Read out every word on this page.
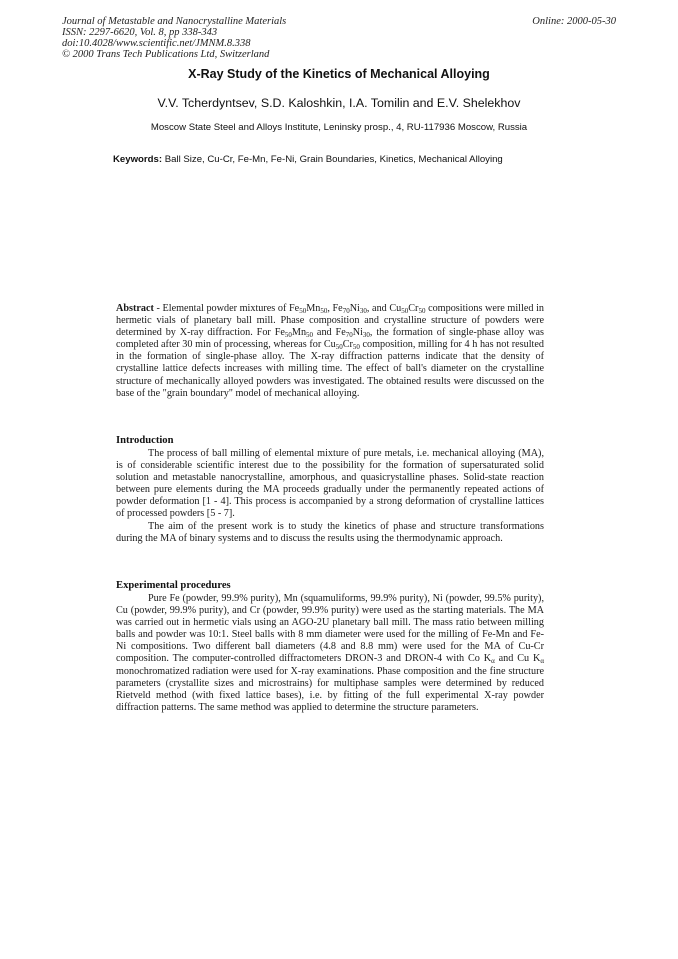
Journal of Metastable and Nanocrystalline Materials
ISSN: 2297-6620, Vol. 8, pp 338-343
doi:10.4028/www.scientific.net/JMNM.8.338
© 2000 Trans Tech Publications Ltd, Switzerland
Online: 2000-05-30
X-Ray Study of the Kinetics of Mechanical Alloying
V.V. Tcherdyntsev, S.D. Kaloshkin, I.A. Tomilin and E.V. Shelekhov
Moscow State Steel and Alloys Institute, Leninsky prosp., 4, RU-117936 Moscow, Russia
Keywords: Ball Size, Cu-Cr, Fe-Mn, Fe-Ni, Grain Boundaries, Kinetics, Mechanical Alloying
Abstract - Elemental powder mixtures of $Fe_{50}Mn_{50}$, $Fe_{70}Ni_{30}$, and $Cu_{50}Cr_{50}$ compositions were milled in hermetic vials of planetary ball mill. Phase composition and crystalline structure of powders were determined by X-ray diffraction. For $Fe_{50}Mn_{50}$ and $Fe_{70}Ni_{30}$, the formation of single-phase alloy was completed after 30 min of processing, whereas for $Cu_{50}Cr_{50}$ composition, milling for 4 h has not resulted in the formation of single-phase alloy. The X-ray diffraction patterns indicate that the density of crystalline lattice defects increases with milling time. The effect of ball's diameter on the crystalline structure of mechanically alloyed powders was investigated. The obtained results were discussed on the base of the "grain boundary" model of mechanical alloying.
Introduction

The process of ball milling of elemental mixture of pure metals, i.e. mechanical alloying (MA), is of considerable scientific interest due to the possibility for the formation of supersaturated solid solution and metastable nanocrystalline, amorphous, and quasicrystalline phases. Solid-state reaction between pure elements during the MA proceeds gradually under the permanently repeated actions of powder deformation [1 - 4]. This process is accompanied by a strong deformation of crystalline lattices of processed powders [5 - 7].

The aim of the present work is to study the kinetics of phase and structure transformations during the MA of binary systems and to discuss the results using the thermodynamic approach.

Experimental procedures

Pure Fe (powder, 99.9% purity), Mn (squamuliforms, 99.9% purity), Ni (powder, 99.5% purity), Cu (powder, 99.9% purity), and Cr (powder, 99.9% purity) were used as the starting materials. The MA was carried out in hermetic vials using an AGO-2U planetary ball mill. The mass ratio between milling balls and powder was 10:1. Steel balls with 8 mm diameter were used for the milling of Fe-Mn and Fe-Ni compositions. Two different ball diameters (4.8 and 8.8 mm) were used for the MA of Cu-Cr composition. The computer-controlled diffractometers DRON-3 and DRON-4 with Co $K_\alpha$ and Cu $K_\alpha$ monochromatized radiation were used for X-ray examinations. Phase composition and the fine structure parameters (crystallite sizes and microstrains) for multiphase samples were determined by reduced Rietveld method (with fixed lattice bases), i.e. by fitting of the full experimental X-ray powder diffraction patterns. The same method was applied to determine the structure parameters.
